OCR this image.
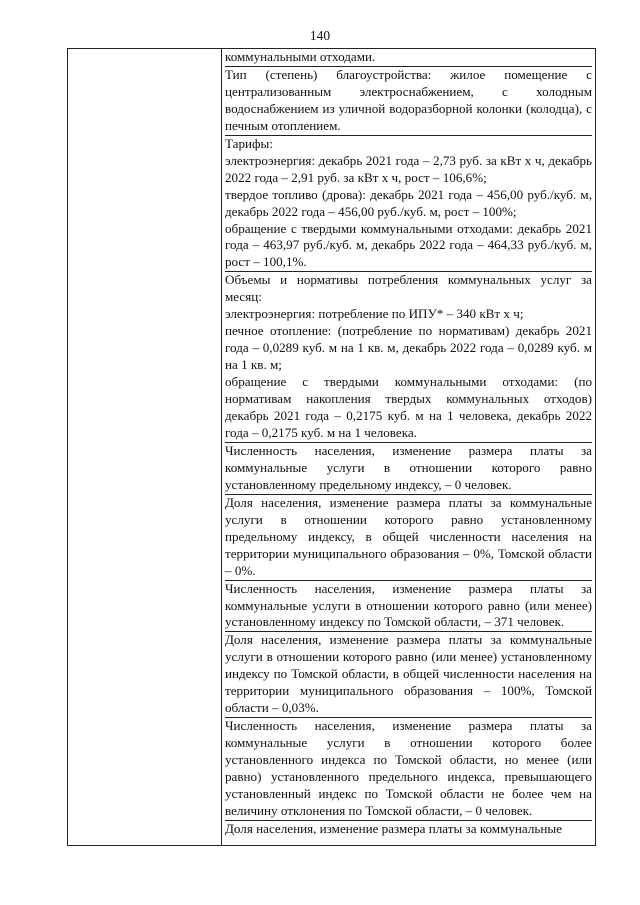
140

коммунальными отходами.

Тип (степень) благоустройства: жилое помещение с централизованным электроснабжением, с холодным водоснабжением из уличной водоразборной колонки (колодца), с печным отоплением.

Тарифы:

электроэнергия: декабрь 2021 года – 2,73 руб. за кВт х ч, декабрь 2022 года – 2,91 руб. за кВт х ч, рост – 106,6%;

твердое топливо (дрова): декабрь 2021 года – 456,00 руб./куб. м, декабрь 2022 года – 456,00 руб./куб. м, рост – 100%;

обращение с твердыми коммунальными отходами: декабрь 2021 года – 463,97 руб./куб. м, декабрь 2022 года – 464,33 руб./куб. м, рост – 100,1%.

Объемы и нормативы потребления коммунальных услуг за месяц:

электроэнергия: потребление по ИПУ* – 340 кВт х ч;

печное отопление: (потребление по нормативам) декабрь 2021 года – 0,0289 куб. м на 1 кв. м, декабрь 2022 года – 0,0289 куб. м на 1 кв. м;

обращение с твердыми коммунальными отходами: (по нормативам накопления твердых коммунальных отходов) декабрь 2021 года – 0,2175 куб. м на 1 человека, декабрь 2022 года – 0,2175 куб. м на 1 человека.

Численность населения, изменение размера платы за коммунальные услуги в отношении которого равно установленному предельному индексу, – 0 человек.

Доля населения, изменение размера платы за коммунальные услуги в отношении которого равно установленному предельному индексу, в общей численности населения на территории муниципального образования – 0%, Томской области – 0%.

Численность населения, изменение размера платы за коммунальные услуги в отношении которого равно (или менее) установленному индексу по Томской области, – 371 человек.

Доля населения, изменение размера платы за коммунальные услуги в отношении которого равно (или менее) установленному индексу по Томской области, в общей численности населения на территории муниципального образования – 100%, Томской области – 0,03%.

Численность населения, изменение размера платы за коммунальные услуги в отношении которого более установленного индекса по Томской области, но менее (или равно) установленного предельного индекса, превышающего установленный индекс по Томской области не более чем на величину отклонения по Томской области, – 0 человек.

Доля населения, изменение размера платы за коммунальные
